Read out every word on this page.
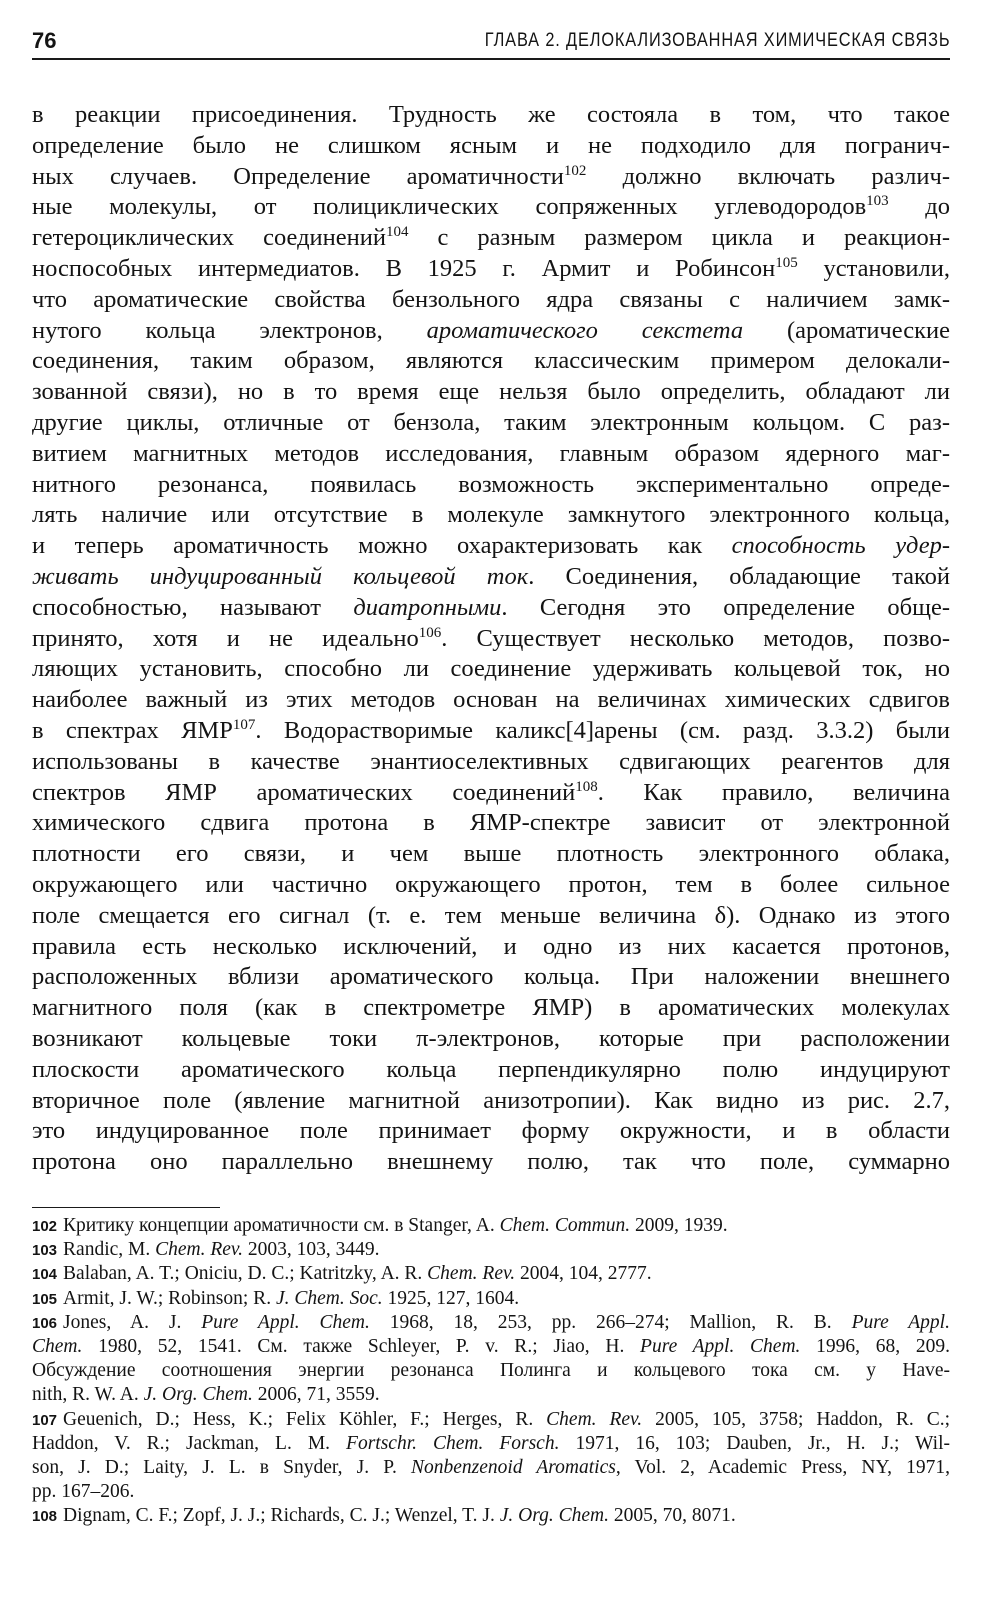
76	ГЛАВА 2. ДЕЛОКАЛИЗОВАННАЯ ХИМИЧЕСКАЯ СВЯЗЬ
в реакции присоединения. Трудность же состояла в том, что такое
определение было не слишком ясным и не подходило для погранич-
ных случаев. Определение ароматичности$^{102}$ должно включать различ-
ные молекулы, от полициклических сопряженных углеводородов$^{103}$ до
гетероциклических соединений$^{104}$ с разным размером цикла и реакцион-
носпособных интермедиатов. В 1925 г. Армит и Робинсон$^{105}$ установили,
что ароматические свойства бензольного ядра связаны с наличием замк-
нутого кольца электронов, ароматического секстета (ароматические
соединения, таким образом, являются классическим примером делокали-
зованной связи), но в то время еще нельзя было определить, обладают ли
другие циклы, отличные от бензола, таким электронным кольцом. С раз-
витием магнитных методов исследования, главным образом ядерного маг-
нитного резонанса, появилась возможность экспериментально опреде-
лять наличие или отсутствие в молекуле замкнутого электронного кольца,
и теперь ароматичность можно охарактеризовать как способность удер-
живать индуцированный кольцевой ток. Соединения, обладающие такой
способностью, называют диатропными. Сегодня это определение обще-
принято, хотя и не идеально$^{106}$. Существует несколько методов, позво-
ляющих установить, способно ли соединение удерживать кольцевой ток, но
наиболее важный из этих методов основан на величинах химических сдвигов
в спектрах ЯМР$^{107}$. Водорастворимые каликс[4]арены (см. разд. 3.3.2) были
использованы в качестве энантиоселективных сдвигающих реагентов для
спектров ЯМР ароматических соединений$^{108}$. Как правило, величина
химического сдвига протона в ЯМР-спектре зависит от электронной
плотности его связи, и чем выше плотность электронного облака,
окружающего или частично окружающего протон, тем в более сильное
поле смещается его сигнал (т. е. тем меньше величина δ). Однако из этого
правила есть несколько исключений, и одно из них касается протонов,
расположенных вблизи ароматического кольца. При наложении внешнего
магнитного поля (как в спектрометре ЯМР) в ароматических молекулах
возникают кольцевые токи π-электронов, которые при расположении
плоскости ароматического кольца перпендикулярно полю индуцируют
вторичное поле (явление магнитной анизотропии). Как видно из рис. 2.7,
это индуцированное поле принимает форму окружности, и в области
протона оно параллельно внешнему полю, так что поле, суммарно
102 Критику концепции ароматичности см. в Stanger, A. Chem. Commun. 2009, 1939.
103 Randic, M. Chem. Rev. 2003, 103, 3449.
104 Balaban, A. T.; Oniciu, D. C.; Katritzky, A. R. Chem. Rev. 2004, 104, 2777.
105 Armit, J. W.; Robinson; R. J. Chem. Soc. 1925, 127, 1604.
106 Jones, A. J. Pure Appl. Chem. 1968, 18, 253, pp. 266–274; Mallion, R. B. Pure Appl.
Chem. 1980, 52, 1541. См. также Schleyer, P. v. R.; Jiao, H. Pure Appl. Chem. 1996, 68, 209.
Обсуждение соотношения энергии резонанса Полинга и кольцевого тока см. у Have-
nith, R. W. A. J. Org. Chem. 2006, 71, 3559.
107 Geuenich, D.; Hess, K.; Felix Köhler, F.; Herges, R. Chem. Rev. 2005, 105, 3758; Haddon, R. C.;
Haddon, V. R.; Jackman, L. M. Fortschr. Chem. Forsch. 1971, 16, 103; Dauben, Jr., H. J.; Wil-
son, J. D.; Laity, J. L. в Snyder, J. P. Nonbenzenoid Aromatics, Vol. 2, Academic Press, NY, 1971,
pp. 167–206.
108 Dignam, C. F.; Zopf, J. J.; Richards, C. J.; Wenzel, T. J. J. Org. Chem. 2005, 70, 8071.
